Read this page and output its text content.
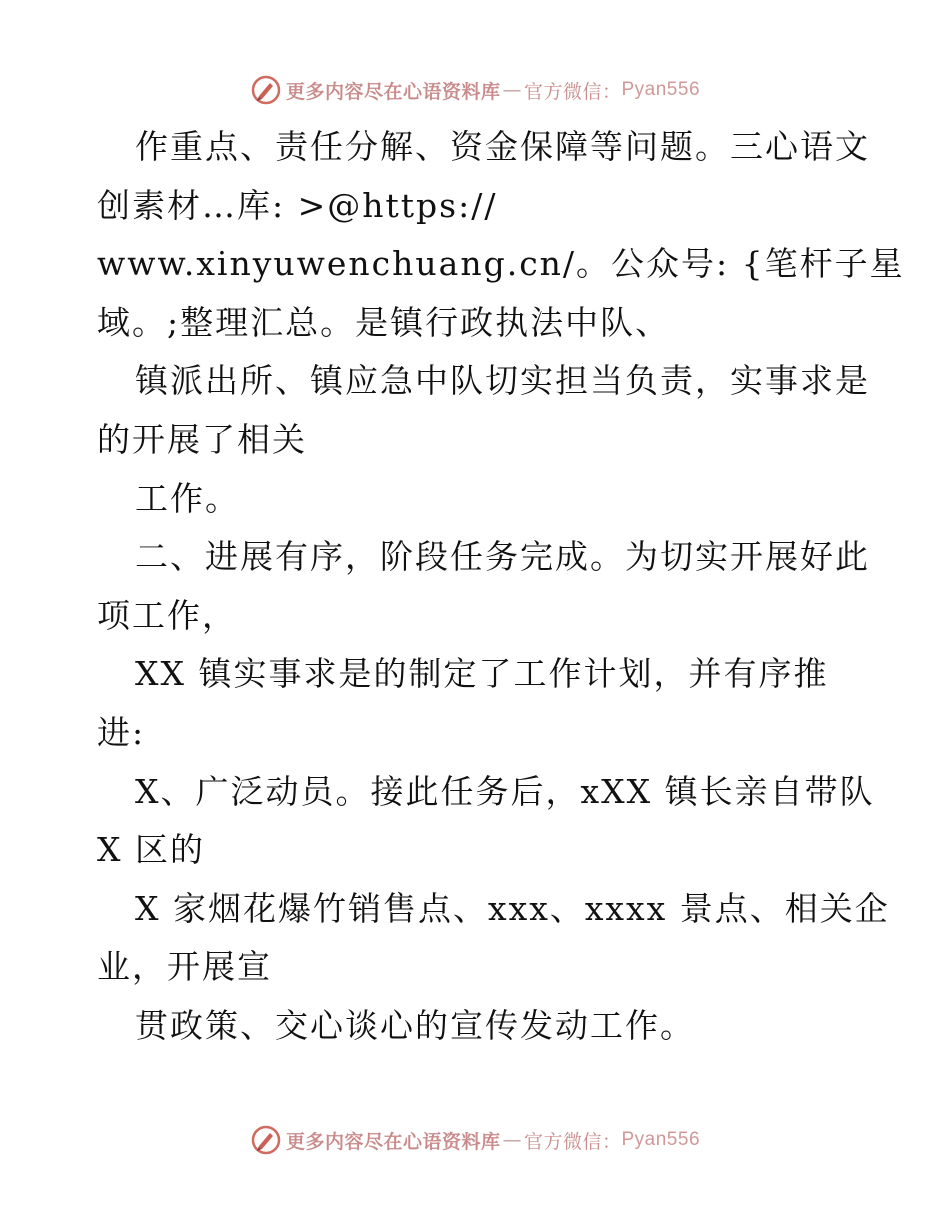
更多内容尽在心语资料库 — 官方微信： Pyan556
作重点、责任分解、资金保障等问题。三心语文
创素材…库: >@https://
www.xinyuwenchuang.cn/。公众号: {笔杆子星
域。;整理汇总。是镇行政执法中队、
镇派出所、镇应急中队切实担当负责，实事求是
的开展了相关
工作。
二、进展有序，阶段任务完成。为切实开展好此
项工作，
XX 镇实事求是的制定了工作计划，并有序推
进:
X、广泛动员。接此任务后，xXX 镇长亲自带队
X 区的
X 家烟花爆竹销售点、xxx、xxxx 景点、相关企
业，开展宣
贯政策、交心谈心的宣传发动工作。
更多内容尽在心语资料库 — 官方微信： Pyan556
